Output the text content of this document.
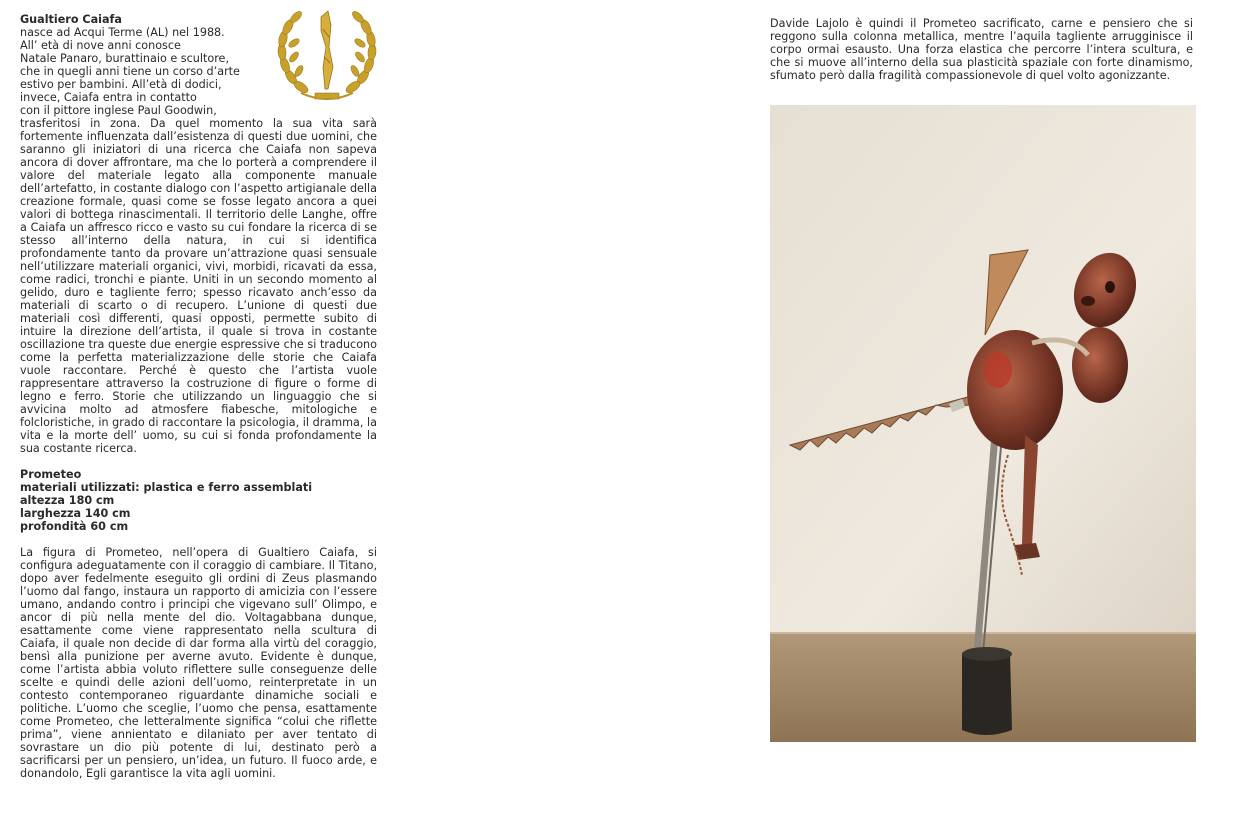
Gualtiero Caiafa
nasce ad Acqui Terme (AL) nel 1988.
All’ età di nove anni conosce
Natale Panaro, burattinaio e scultore,
che in quegli anni tiene un corso d’arte
estivo per bambini. All’età di dodici,
invece, Caiafa entra in contatto
con il pittore inglese Paul Goodwin,

trasferitosi in zona. Da quel momento la sua vita sarà fortemente influenzata dall’esistenza di questi due uomini, che saranno gli iniziatori di una ricerca che Caiafa non sapeva ancora di dover affrontare, ma che lo porterà a comprendere il valore del materiale legato alla componente manuale dell’artefatto, in costante dialogo con l’aspetto artigianale della creazione formale, quasi come se fosse legato ancora a quei valori di bottega rinascimentali. Il territorio delle Langhe, offre a Caiafa un affresco ricco e vasto su cui fondare la ricerca di se stesso all’interno della natura, in cui si identifica profondamente tanto da provare un’attrazione quasi sensuale nell’utilizzare materiali organici, vivi, morbidi, ricavati da essa, come radici, tronchi e piante. Uniti in un secondo momento al gelido, duro e tagliente ferro; spesso ricavato anch’esso da materiali di scarto o di recupero. L’unione di questi due materiali così differenti, quasi opposti, permette subito di intuire la direzione dell’artista, il quale si trova in costante oscillazione tra queste due energie espressive che si traducono come la perfetta materializzazione delle storie che Caiafa vuole raccontare. Perché è questo che l’artista vuole rappresentare attraverso la costruzione di figure o forme di legno e ferro. Storie che utilizzando un linguaggio che si avvicina molto ad atmosfere fiabesche, mitologiche e folcloristiche, in grado di raccontare la psicologia, il dramma, la vita e la morte dell’ uomo, su cui si fonda profondamente la sua costante ricerca.

Prometeo
materiali utilizzati: plastica e ferro assemblati
altezza 180 cm
larghezza 140 cm
profondità 60 cm

La figura di Prometeo, nell’opera di Gualtiero Caiafa, si configura adeguatamente con il coraggio di cambiare. Il Titano, dopo aver fedelmente eseguito gli ordini di Zeus plasmando l’uomo dal fango, instaura un rapporto di amicizia con l’essere umano, andando contro i principi che vigevano sull’ Olimpo, e ancor di più nella mente del dio. Voltagabbana dunque, esattamente come viene rappresentato nella scultura di Caiafa, il quale non decide di dar forma alla virtù del coraggio, bensì alla punizione per averne avuto. Evidente è dunque, come l’artista abbia voluto riflettere sulle conseguenze delle scelte e quindi delle azioni dell’uomo, reinterpretate in un contesto contemporaneo riguardante dinamiche sociali e politiche. L’uomo che sceglie, l’uomo che pensa, esattamente come Prometeo, che letteralmente significa “colui che riflette prima”, viene annientato e dilaniato per aver tentato di sovrastare un dio più potente di lui, destinato però a sacrificarsi per un pensiero, un’idea, un futuro. Il fuoco arde, e donandolo, Egli garantisce la vita agli uomini.

Davide Lajolo è quindi il Prometeo sacrificato, carne e pensiero che si reggono sulla colonna metallica, mentre l’aquila tagliente arrugginisce il corpo ormai esausto. Una forza elastica che percorre l’intera scultura, e che si muove all’interno della sua plasticità spaziale con forte dinamismo, sfumato però dalla fragilità compassionevole di quel volto agonizzante.
